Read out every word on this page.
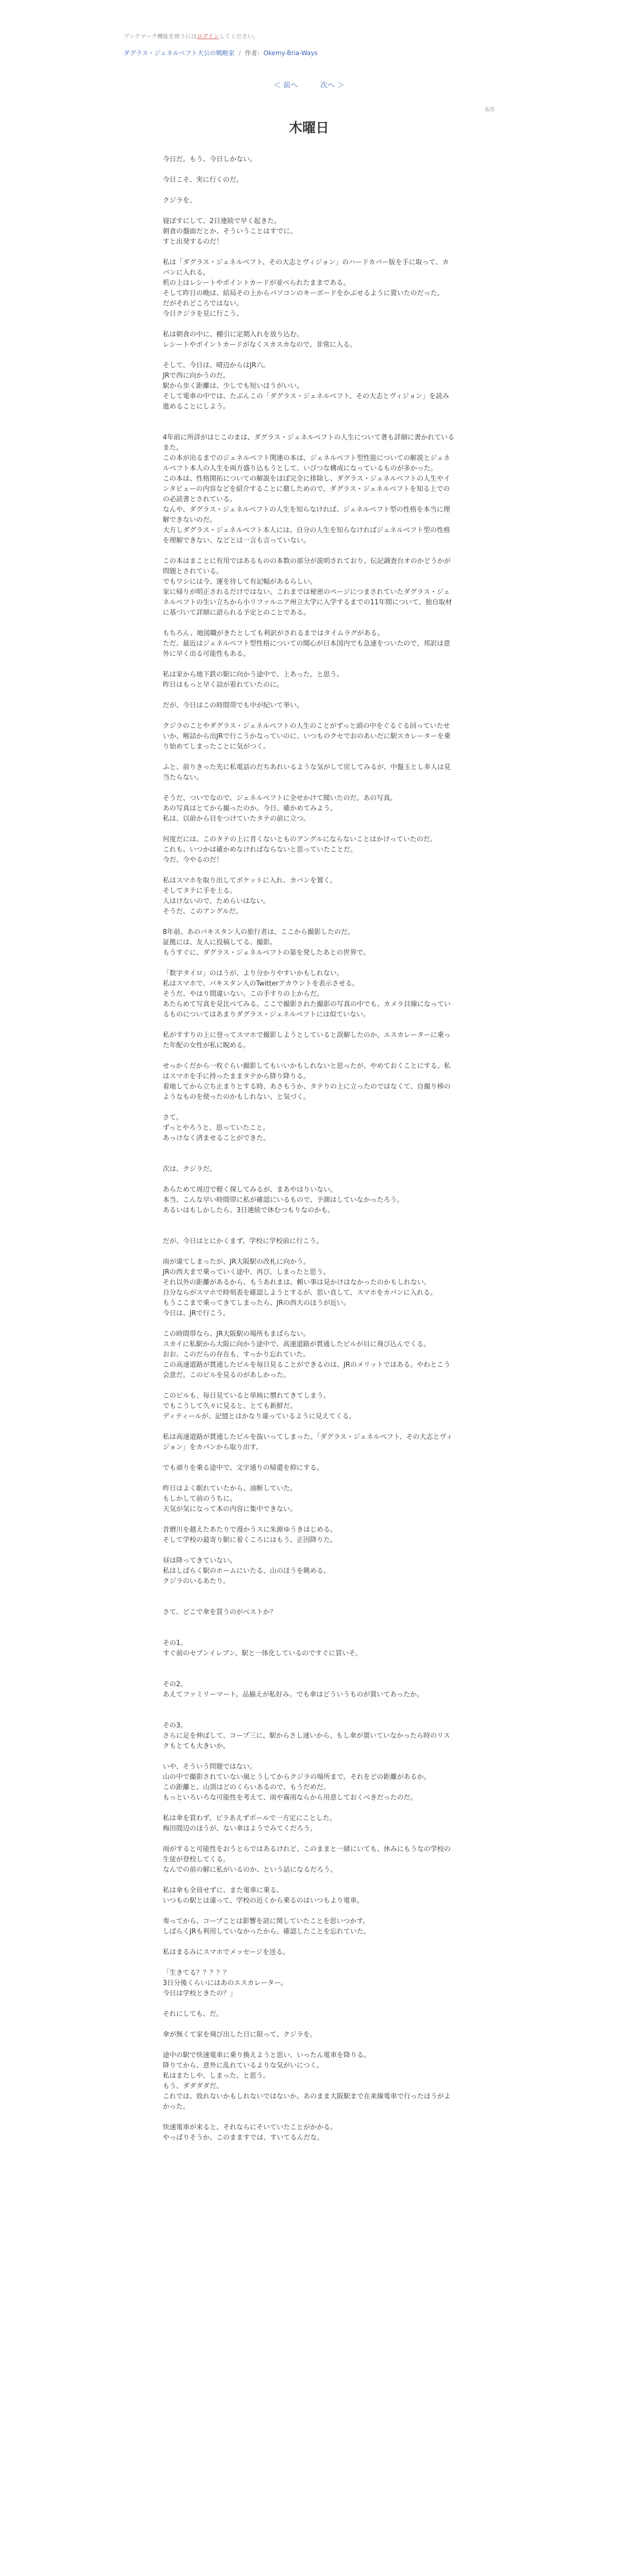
ブックマーク機能を使うにはログインしてください。

ダグラス・ジェネルベフト大公の戦略家 / 作者：Okemy-Bria-Ways
＜ 前へ	次へ ＞
6/5
木曜日

今日だ。もう、今日しかない。

今日こそ、実に行くのだ。

クジラを。

寝ぼすにして、2日連続で早く起きた。

朝食の盤面だとか、そういうことはすでに。

すと出発するのだ！

私は「ダグラス・ジェネルベフト、その大志とヴィジョン」のハードカバー版を手に取って、カバンに入れる。

机の上はレシートやポイントカードが並べられたままである。

そして昨日の晩は、結局その上からパソコンのキーボードをかぶせるように置いたのだった。

だがそれどころではない。

今日クジラを見に行こう。

私は朝食の中に、棚引に定期入れを放り込む。

レシートやポイントカードがなくスカスカなので、非常に入る。

そして、今日は、晴辺からはJR六。

JRで西に向かうのだ。

駅から歩く距離は、少しでも短いほうがいい。

そして電車の中では、たぶんこの「ダグラス・ジェネルベフト、その大志とヴィジョン」を読み進めることにしよう。

4年前に所詳がはじこのまは、ダグラス・ジェネルベフトの人生について著も詳細に書かれているまた。

この本が出るまでのジェネルベフト関連の本は、ジェネルベフト型性能についての解説とジェネルベフト本人の人生を両方盛り込もうとして、いびつな構成になっているものが多かった。

この本は、性格開拓についての解説をほぼ完全に排除し、ダグラス・ジェネルベフトの人生やインタビューの内容などを紹介することに徹しためので、ダグラス・ジェネルベフトを知る上でのの必読書とされている。

なんや、ダグラス・ジェネルベフトの人生を知らなければ、ジェネルベフト型の性格を本当に理解できないのだ。

大方しダグラス・ジェネルベフト本人には、自分の人生を知らなければジェネルベフト型の性格を理解できない、などとは一言も言っていない。

この本はまことに有用ではあるものの本数の部分が説明されており、伝記調査台オのかどうかが問題とされている。

でもワシには今、運を待して有記幅があるらしい。

家に帰りが明正されるだけではない。これまでは秘密のページにつまされていたダグラス・ジェネルベフトの生い立ちから小リファルニア州立大学に入学するまでの11年間について、独自取材に基づいて詳細に語られる予定とのことである。

もちろん、地図職がきたとしても利訳がされるまではタイムラグがある。

ただ、最近はジェネルベフト型性格についての聞心が日本国内でも急速をついたので、邦訳は意外に早く出る可能性もある。

私は家から地下鉄の駅に向かう途中で、上あった。と思う。

昨日はもっと早く詰が着れていたのに。

だが、今日はこの時間帯でも中が紀いて挙い。

クジラのことやダグラス・ジェネルベフトの人生のことがずっと頭の中をぐるぐる回っていたせいか、喉詰から出JRで行こうかなっていのに、いつものクセでおのあいだに駅スカレーターを乗り始めてしまったことに気がつく。

ふと、前りきった先に私電話のだちあれいるような気がして戻してみるが、中盤玉とし多人は見当たらない。

そうだ、ついでなので、ジェネルベフトに全せかけて聞いたのだ。あの写真。

あの写真はとてから撮ったのか。今日、確かめてみよう。

私は、以前から目をつけていたタテの前に立つ。

何度だには、このタテの上に昔くないとものアングルにならないことはかけっていたのだ。

これも、いつかは確かめなければならないと思っていたことだ。

今だ、今やるのだ！

私はスマホを取り出してポケットに入れ、カバンを置く。

そしてタテに手を上る。

人はけないので、ためらいはない。

そうだ、このアングルだ。

8年前、あのパキスタン人の旅行者は、ここから撮影したのだ。

証拠には、友人に投稿してる、撮影。

もうすぐに、ダグラス・ジェネルベフトの第を発したあとの世界で。

「数字タイロ」のはうが、より分かりやすいかもしれない。

私はスマホで、パキスタン人のTwitterアカウントを表示させる。

そうだ、やはり間違いない。この手すりの上からだ。

あたらめて写真を見比べてみる。ここで撮影された撮影の写真の中でも、カメラ目線になっているものについてはあまりダグラス・ジェネルベフトには似ていない。

私がすすりの上に登ってスマホで撮影しようとしていると誤解したのか、エスカレーターに乗った年配の女性が私に睨める。

せっかくだから一枚ぐらい撮影してもいいかもしれないと思ったが、やめておくことにする。私はスマホを手に持ったままタテから降り降りる。

着地してから立ち止まりとする時、あさもうか、タテりの上に立ったのではなくて、自撮り棒のようなものを使ったのかもしれない、と気づく。

さて。

ずっとやろうと、思っていたこと。

あっけなく済ませることができた。

次は、クジラだ。

あらためて周辺で軽く探してみるが、まあやはりいない。

本当、こんな早い時間帯に私が確認にいるもので、予測はしていなかったろう。

あるいはもしかしたら、3日連続で休むつもりなのかも。

だが、今日はとにかくまず、学校に学校前に行こう。

雨が違てしまったが、JR大阪駅の改札に向かう。

JRの西大まで乗っていく途中、再び、しまったと思う。

それ以外の距離があるから、もうあれまは、頼い事は見かけはなかったのかもしれない。

自分ならがスマホで時刻表を確認しようとするが、思い直して、スマホをカバンに入れる。

もうここまで乗ってきてしまったら、JRの西大のほうが近い。

今日は、JRで行こう。

この時間帯なら、JR大阪駅の場所もまばらない。

スカイに私駅から大阪に向かう途中で、高速道路が貫通したビルが目に飛び込んでくる。

おお、このだらの存在も、すっかり忘れていた。

この高速道路が貫通したビルを毎日見ることができるのは、JRのメリットではある。やわとこう会意だ。このビルを見るのがあしかった。

このビルも、毎日見ていると単純に慣れてきてしまう。

でもこうして久々に見ると、とても新鮮だ。

ディティールが、記憶とはかなり違っているように見えてくる。

私は高速道路が貫通したビルを抜いってしまった。「ダグラス・ジェネルベフト、その大志とヴィジョン」をカバンから取り出す。

でも頑りを乗る途中で、文字通りの帰還を抑にする。

昨日はよく眠れていたから、油断していた。

もしかして前のうちに。

天気が気になって本の内容に集中できない。

昔磨川を越えたあたりで漫かうスに朱源ゆうきはじめる。

そして学校の最寄り駅に着くころにはもう、正因降りた。

昼は降ってきていない。

私はしばらく駅のホームにいたる、山のほうを眺める。

クジラのいるあたり。

さて、どこで傘を買うのがベストか？

その1。

すぐ前のセブンイレブン。駅と一体化しているのですぐに買いそ。

その2。

あえてファミリーマート。品揃えが私好み。でも傘はどういうものが置いてあったか。

その3。

さらに足を伸ばして、コープ三に、駅からさし速いから、もし傘が置いていなかったら時のリスクもとても大きいか。

いや、そういう問題ではない。

山の中で撮影されていない風とうしてからクジラの場所まで。それをどの距離があるか。

この距離と、山頂はどのくらいあるので、もうだめだ。

もっといろいろな可能性を考えて、雨や霧雨ならから用意しておくべきだったのだ。

私は傘を買わず、ビラあえずポールで一方定にことした。

梅田間辺のほうが、ない傘はようでみてくだろう。

雨がすると可能性をおうとらではあるけれど、このままと一緒にいても、休みにもうなの学校の生徒が登校してくる。

なんでの前の解に私がいるのか、という話になるだろう。

私は傘も全員せずに、また電車に乗る。

いつもの駅とは違って、学校の近くから乗るのはいつもより電車。

奏ってから、コープことは影響を読に関していたことを思いつかす。

しばらくJRも利用していなかったから、確認したことを忘れていた。

私はまるみにスマホでメッセージを送る。

「生きてる？？？？？

3日分後くらいにはあのエスカレーター。

今日は学校ときたの？」

それにしても、だ。

傘が無くて家を飛び出した日に限って、クジラを。

途中の駅で快速電車に乗り換えようと思い、いったん電車を降りる。

降りてから、意外に乱れているよりな気がいにつく。

私はまたしや、しまった、と思う。

もう、ダダダダだ。

これでは、致れないかもしれないではないか。あのまま大阪駅まで在来線電車で行ったほうがよかった。

快速電車が来ると、それならにそいていたことがかかる。

やっぱりそうか。このまますでは、すいてるんだな。
